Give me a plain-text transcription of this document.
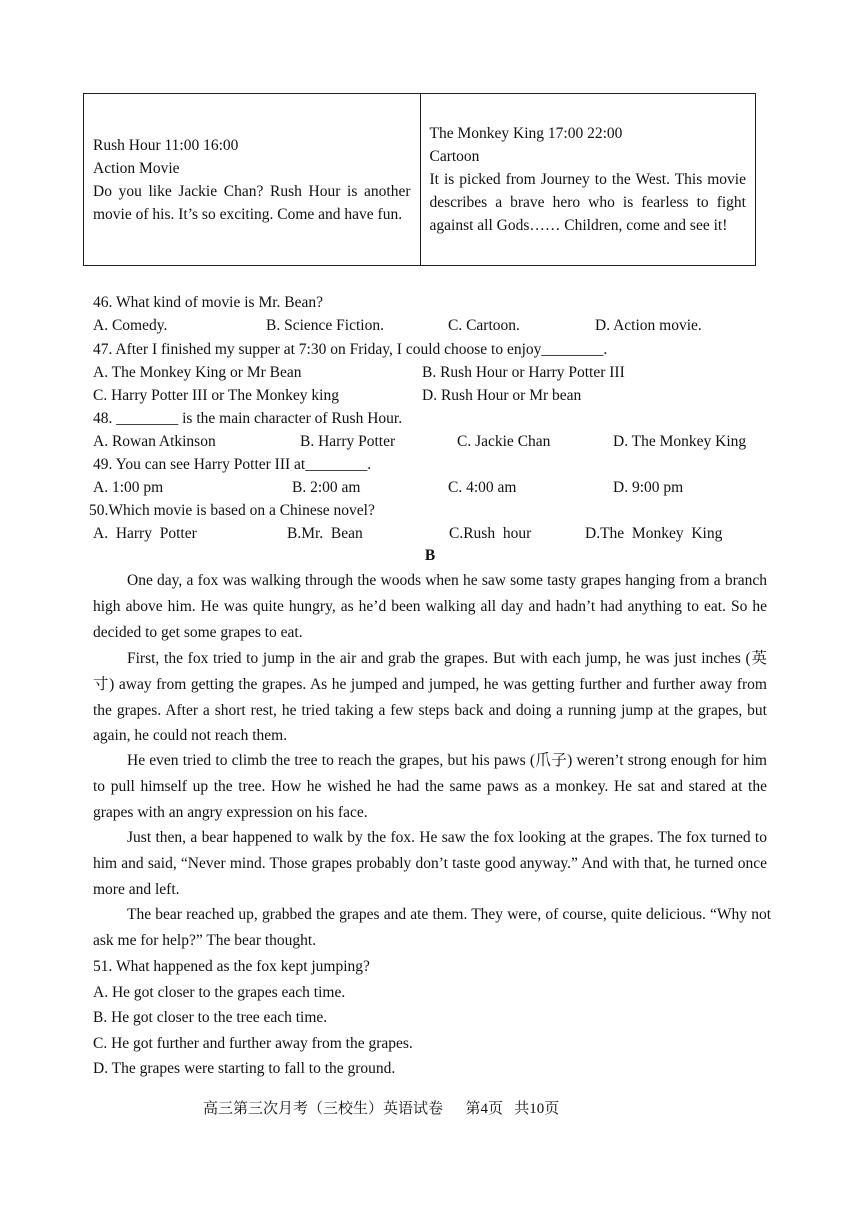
Rush Hour 11:00 16:00

Action Movie

Do you like Jackie Chan? Rush Hour is another movie of his. It’s so exciting. Come and have fun.

The Monkey King 17:00 22:00

Cartoon

It is picked from Journey to the West. This movie describes a brave hero who is fearless to fight against all Gods…… Children, come and see it!

46. What kind of movie is Mr. Bean?
A. Comedy.	B. Science Fiction.	C. Cartoon.	D. Action movie.
47. After I finished my supper at 7:30 on Friday, I could choose to enjoy________.
A. The Monkey King or Mr Bean	B. Rush Hour or Harry Potter III
C. Harry Potter III or The Monkey king	D. Rush Hour or Mr bean
48. ________ is the main character of Rush Hour.
A. Rowan Atkinson	B. Harry Potter	C. Jackie Chan	D. The Monkey King
49. You can see Harry Potter III at________.
A. 1:00 pm	B. 2:00 am	C. 4:00 am	D. 9:00 pm
50.Which movie is based on a Chinese novel?
A.  Harry  Potter	B.Mr.  Bean	C.Rush  hour	D.The  Monkey  King
B

One day, a fox was walking through the woods when he saw some tasty grapes hanging from a branch high above him. He was quite hungry, as he’d been walking all day and hadn’t had anything to eat. So he decided to get some grapes to eat.

First, the fox tried to jump in the air and grab the grapes. But with each jump, he was just inches (英寸) away from getting the grapes. As he jumped and jumped, he was getting further and further away from the grapes. After a short rest, he tried taking a few steps back and doing a running jump at the grapes, but again, he could not reach them.

He even tried to climb the tree to reach the grapes, but his paws (爪子) weren’t strong enough for him to pull himself up the tree. How he wished he had the same paws as a monkey. He sat and stared at the grapes with an angry expression on his face.

Just then, a bear happened to walk by the fox. He saw the fox looking at the grapes. The fox turned to him and said, “Never mind. Those grapes probably don’t taste good anyway.” And with that, he turned once more and left.

The bear reached up, grabbed the grapes and ate them. They were, of course, quite delicious. “Why not ask me for help?” The bear thought.

51. What happened as the fox kept jumping?
A. He got closer to the grapes each time.
B. He got closer to the tree each time.
C. He got further and further away from the grapes.
D. The grapes were starting to fall to the ground.
高三第三次月考（三校生）英语试卷      第4页   共10页
